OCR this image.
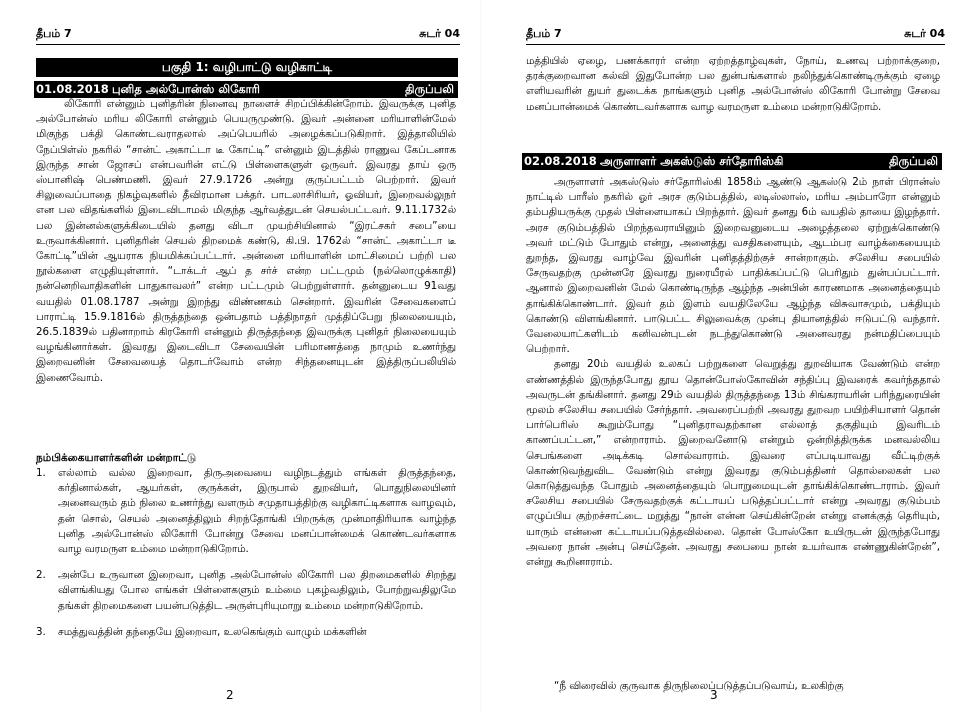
தீபம் 7	சுடர் 04
பகுதி 1: வழிபாட்டு வழிகாட்டி
01.08.2018 புனித அல்போன்ஸ் லிகோரி	திருப்பலி

லிகோரி என்னும் புனிதரின் நினைவு நாளைச் சிறப்பிக்கின்றோம். இவருக்கு புனித அல்போன்ஸ் மரிய லிகோரி என்னும் பெயருமுண்டு. இவர் அன்னை மரியாளின்மேல் மிகுந்த பக்தி கொண்டவராதலால் அப்பெயரில் அழைக்கப்படுகிறார். இத்தாலியில் நேப்பிள்ஸ் நகரில் “சான்ட் அகாட்டா டீ கோட்டி” என்னும் இடத்தில் ராணுவ கேப்டனாக இருந்த சான் ஜோசப் என்பவரின் எட்டு பிள்ளைகளுள் ஒருவர். இவரது தாய் ஒரு ஸ்பானிஷ் பெண்மணி. இவர் 27.9.1726 அன்று குருப்பட்டம் பெற்றார். இவர் சிலுவைப்பாதை நிகழ்வுகளில் தீவிரமான பக்தர். பாடலாசிரியர், ஓவியர், இறைவல்லுநர் என பல விதங்களில் இடைவிடாமல் மிகுந்த ஆர்வத்துடன் செயல்பட்டவர். 9.11.1732ல் பல இன்னல்களுக்கிடையில் தனது விடா முயற்சியினால் “இரட்சகர் சபை”யை உருவாக்கினார். புனிதரின் செயல் திறமைக் கண்டு, கி.பி. 1762ல் “சான்ட் அகாட்டா டீ கோட்டி”யின் ஆயராக நியமிக்கப்பட்டார். அன்னை மரியாளின் மாட்சிமைப் பற்றி பல நூல்களை எழுதியுள்ளார். “டாக்டர் ஆப் த சர்ச் என்ற பட்டமும் (நல்லொழுக்காதி) நன்னெறிவாதிகளின் பாதுகாவலர்” என்ற பட்டமும் பெற்றுள்ளார். தன்னுடைய 91வது வயதில் 01.08.1787 அன்று இறந்து விண்ணகம் சென்றார். இவரின் சேவைகளைப் பாராட்டி 15.9.1816ல் திருத்தந்தை ஒன்பதாம் பத்திநாதர் முத்திப்பேறு நிலையையும், 26.5.1839ல் பதினாறாம் கிரகோரி என்னும் திருத்தந்தை இவருக்கு புனிதர் நிலையையும் வழங்கினார்கள். இவரது இடைவிடா சேவையின் பரிமாணத்தை நாமும் உணர்ந்து இறைவனின் சேவையைத் தொடர்வோம் என்ற சிந்தனையுடன் இத்திருப்பலியில் இணைவோம்.

நம்பிக்கையாளர்களின் மன்றாட்டு
1. எல்லாம் வல்ல இறைவா, திருஅவையை வழிநடத்தும் எங்கள் திருத்தந்தை, கர்தினால்கள், ஆயர்கள், குருக்கள், இருபால் துறவியர், பொதுநிலையினர் அனைவரும் தம் நிலை உணர்ந்து வளரும் சமுதாயத்திற்கு வழிகாட்டிகளாக வாழவும், தன் சொல், செயல் அனைத்திலும் சிறந்தோங்கி பிறருக்கு முன்மாதிரியாக வாழ்ந்த புனித அல்போன்ஸ் லிகோரி போன்று சேவை மனப்பான்மைக் கொண்டவர்களாக வாழ வரமருள உம்மை மன்றாடுகிறோம்.
2. அன்பே உருவான இறைவா, புனித அல்போன்ஸ் லிகோரி பல திறமைகளில் சிறந்து விளங்கியது போல எங்கள் பிள்ளைகளும் உம்மை புகழ்வதிலும், போற்றுவதிலுமே தங்கள் திறமைகளை பயன்படுத்திட அருள்புரியுமாறு உம்மை மன்றாடுகிறோம்.
3. சமத்துவத்தின் தந்தையே இறைவா, உலகெங்கும் வாழும் மக்களின்
2
தீபம் 7	சுடர் 04

மத்தியில் ஏழை, பணக்காரர் என்ற ஏற்றத்தாழ்வுகள், நோய், உணவு பற்றாக்குறை, தரக்குறைவான கல்வி இதுபோன்ற பல துன்பங்களால் நலிந்துக்கொண்டிருக்கும் ஏழை எளியவரின் துயர் துடைக்க நாங்களும் புனித அல்போன்ஸ் லிகோரி போன்று சேவை மனப்பான்மைக் கொண்டவர்களாக வாழ வரமருள உம்மை மன்றாடுகிறோம்.

02.08.2018 அருளாளர் அகஸ்டுஸ் சர்தோரிஸ்கி	திருப்பலி

அருளாளர் அகஸ்டுஸ் சர்தோரிஸ்கி 1858ம் ஆண்டு ஆகஸ்டு 2ம் நாள் பிரான்ஸ் நாட்டில் பாரீஸ் நகரில் ஓர் அரச குடும்பத்தில், லடிஸ்லாஸ், மரிய அம்பாரோ என்னும் தம்பதியருக்கு முதல் பிள்ளையாகப் பிறந்தார். இவர் தனது 6ம் வயதில் தாயை இழந்தார். அரச குடும்பத்தில் பிறந்தவராயினும் இறைவனுடைய அழைத்தலை ஏற்றுக்கொண்டு அவர் மட்டும் போதும் என்று, அனைத்து வசதிகளையும், ஆடம்பர வாழ்க்கையையும் துறந்த, இவரது வாழ்வே இவரின் புனிதத்திற்குச் சான்றாகும். சலேசிய சபையில் சேருவதற்கு முன்னரே இவரது நுரையீரல் பாதிக்கப்பட்டு பெரிதும் துன்பப்பட்டார். ஆனால் இறைவனின் மேல் கொண்டிருந்த ஆழ்ந்த அன்பின் காரணமாக அனைத்தையும் தாங்கிக்கொண்டார். இவர் தம் இளம் வயதிலேயே ஆழ்ந்த விசுவாசமும், பக்தியும் கொண்டு விளங்கினார். பாடுபட்ட சிலுவைக்கு முன்பு தியானத்தில் ஈடுபட்டு வந்தார். வேலையாட்களிடம் கனிவன்புடன் நடந்துகொண்டு அனைவரது நன்மதிப்பையும் பெற்றார்.

தனது 20ம் வயதில் உலகப் பற்றுகளை வெறுத்து துறவியாக வேண்டும் என்ற எண்ணத்தில் இருந்தபோது தூய தொன்போஸ்கோவின் சந்திப்பு இவரைக் கவர்ந்ததால் அவருடன் தங்கினார். தனது 29ம் வயதில் திருத்தந்தை 13ம் சிங்கராயரின் பரிந்துரையின் மூலம் சலேசிய சபையில் சேர்ந்தார். அவரைப்பற்றி அவரது துறவற பயிற்சியாளர் தொன் பார்பெரிஸ் கூறும்போது “புனிதராவதற்கான எல்லாத் தகுதியும் இவரிடம் காணப்பட்டன,” என்றாராம். இறைவனோடு என்றும் ஒன்றித்திருக்க மனவல்லிய செபங்களை அடிக்கடி சொல்வாராம். இவரை எப்படியாவது வீட்டிற்குக் கொண்டுவந்துவிட வேண்டும் என்று இவரது குடும்பத்தினர் தொல்லைகள் பல கொடுத்துவந்த போதும் அனைத்தையும் பொறுமையுடன் தாங்கிக்கொண்டாராம். இவர் சலேசிய சபையில் சேருவதற்குக் கட்டாயப் படுத்தப்பட்டார் என்று அவரது குடும்பம் எழுப்பிய குற்றச்சாட்டை மறுத்து “நான் என்ன செய்கின்றேன் என்று எனக்குத் தெரியும், யாரும் என்னை கட்டாயப்படுத்தவில்லை. தொன் போஸ்கோ உயிருடன் இருந்தபோது அவரை நான் அன்பு செய்தேன். அவரது சபையை நான் உயர்வாக எண்ணுகின்றேன்”, என்று கூறினாராம்.

“நீ விரைவில் குருவாக திருநிலைப்படுத்தப்படுவாய், உலகிற்கு

3
